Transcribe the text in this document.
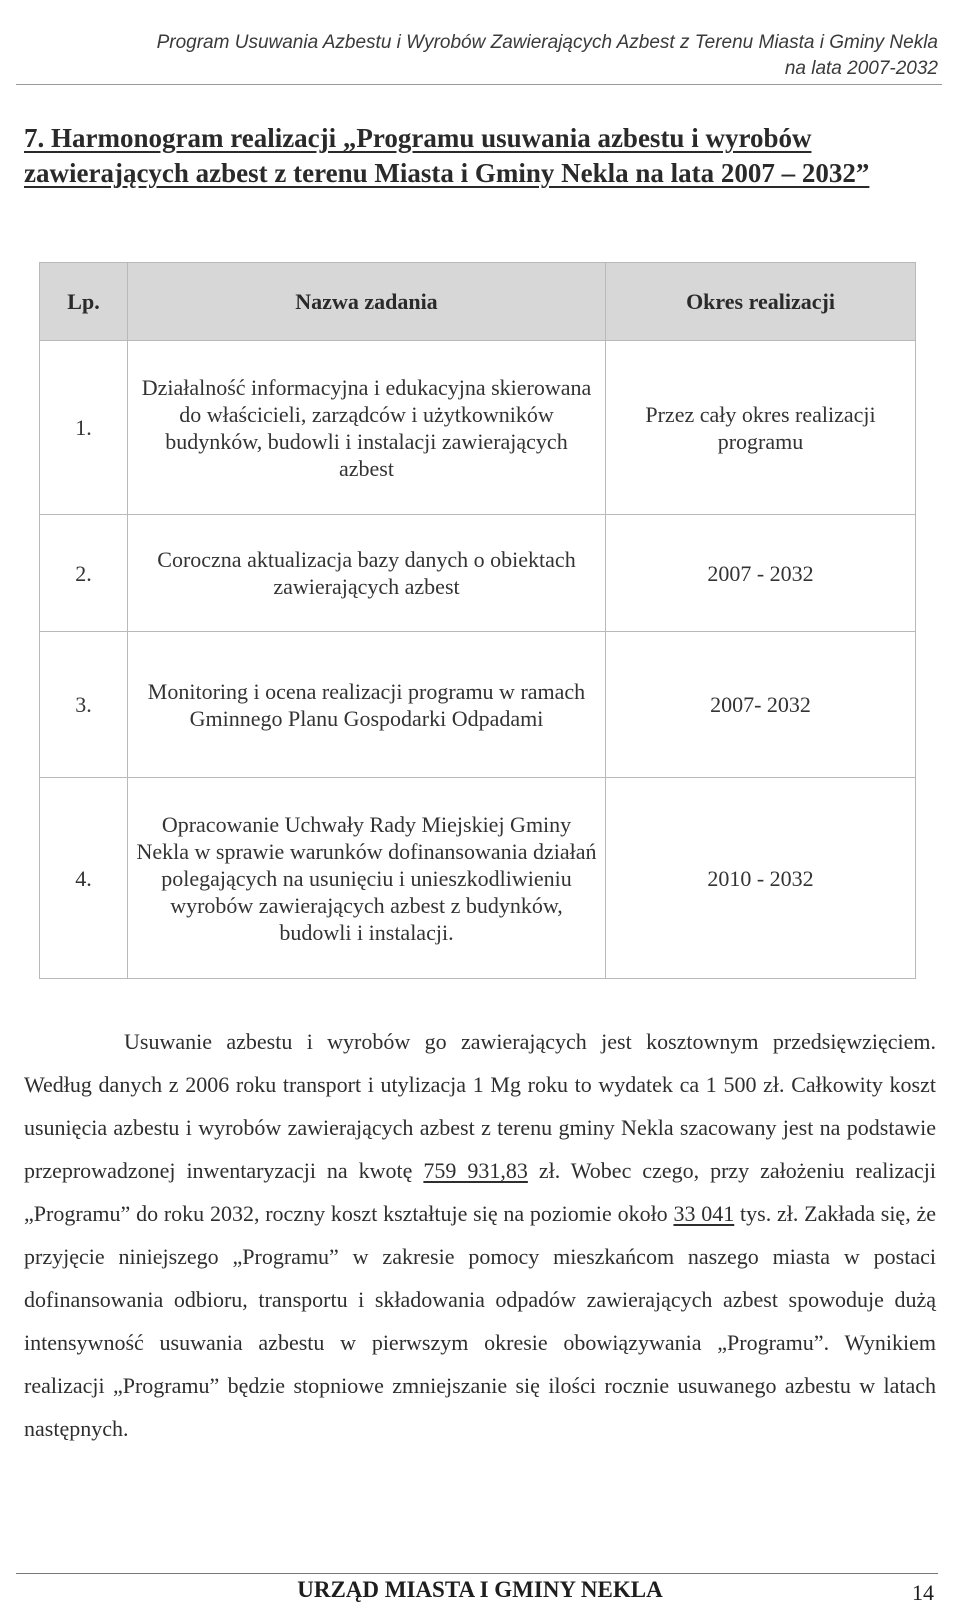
Program Usuwania Azbestu i Wyrobów Zawierających Azbest z Terenu Miasta i Gminy Nekla
na lata 2007-2032
7. Harmonogram realizacji „Programu usuwania azbestu i wyrobów zawierających azbest z terenu Miasta i Gminy Nekla na lata 2007 – 2032”
Lp.	Nazwa zadania	Okres realizacji
1.	Działalność informacyjna i edukacyjna skierowana do właścicieli, zarządców i użytkowników budynków, budowli i instalacji zawierających azbest	Przez cały okres realizacji programu
2.	Coroczna aktualizacja bazy danych o obiektach zawierających azbest	2007 - 2032
3.	Monitoring i ocena realizacji programu w ramach Gminnego Planu Gospodarki Odpadami	2007- 2032
4.	Opracowanie Uchwały Rady Miejskiej Gminy Nekla w sprawie warunków dofinansowania działań polegających na usunięciu i unieszkodliwieniu wyrobów zawierających azbest z budynków, budowli i instalacji.	2010 - 2032

Usuwanie azbestu i wyrobów go zawierających jest kosztownym przedsięwzięciem. Według danych z 2006 roku transport i utylizacja 1 Mg roku to wydatek ca 1 500 zł. Całkowity koszt usunięcia azbestu i wyrobów zawierających azbest z terenu gminy Nekla szacowany jest na podstawie przeprowadzonej inwentaryzacji na kwotę 759 931,83 zł. Wobec czego, przy założeniu realizacji „Programu” do roku 2032, roczny koszt kształtuje się na poziomie około 33 041 tys. zł. Zakłada się, że przyjęcie niniejszego „Programu” w zakresie pomocy mieszkańcom naszego miasta w postaci dofinansowania odbioru, transportu i składowania odpadów zawierających azbest spowoduje dużą intensywność usuwania azbestu w pierwszym okresie obowiązywania „Programu”. Wynikiem realizacji „Programu” będzie stopniowe zmniejszanie się ilości rocznie usuwanego azbestu w latach następnych.

URZĄD MIASTA I GMINY NEKLA	14
